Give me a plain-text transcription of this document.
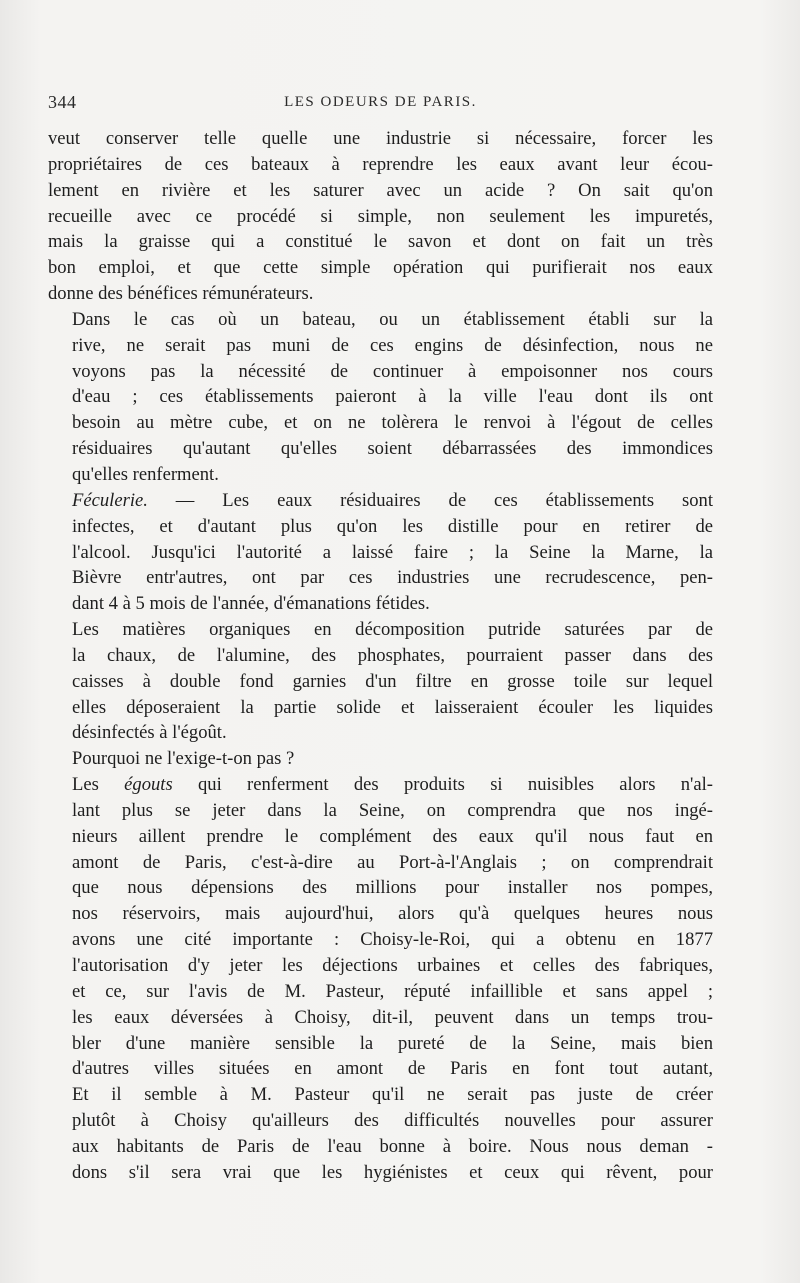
344	LES ODEURS DE PARIS.

veut conserver telle quelle une industrie si nécessaire, forcer les
propriétaires de ces bateaux à reprendre les eaux avant leur écou-
lement en rivière et les saturer avec un acide ? On sait qu'on
recueille avec ce procédé si simple, non seulement les impuretés,
mais la graisse qui a constitué le savon et dont on fait un très
bon emploi, et que cette simple opération qui purifierait nos eaux
donne des bénéfices rémunérateurs.

Dans le cas où un bateau, ou un établissement établi sur la
rive, ne serait pas muni de ces engins de désinfection, nous ne
voyons pas la nécessité de continuer à empoisonner nos cours
d'eau ; ces établissements paieront à la ville l'eau dont ils ont
besoin au mètre cube, et on ne tolèrera le renvoi à l'égout de celles
résiduaires qu'autant qu'elles soient débarrassées des immondices
qu'elles renferment.

Féculerie. — Les eaux résiduaires de ces établissements sont
infectes, et d'autant plus qu'on les distille pour en retirer de
l'alcool. Jusqu'ici l'autorité a laissé faire ; la Seine la Marne, la
Bièvre entr'autres, ont par ces industries une recrudescence, pen-
dant 4 à 5 mois de l'année, d'émanations fétides.

Les matières organiques en décomposition putride saturées par de
la chaux, de l'alumine, des phosphates, pourraient passer dans des
caisses à double fond garnies d'un filtre en grosse toile sur lequel
elles déposeraient la partie solide et laisseraient écouler les liquides
désinfectés à l'égoût.

Pourquoi ne l'exige-t-on pas ?

Les égouts qui renferment des produits si nuisibles alors n'al-
lant plus se jeter dans la Seine, on comprendra que nos ingé-
nieurs aillent prendre le complément des eaux qu'il nous faut en
amont de Paris, c'est-à-dire au Port-à-l'Anglais ; on comprendrait
que nous dépensions des millions pour installer nos pompes,
nos réservoirs, mais aujourd'hui, alors qu'à quelques heures nous
avons une cité importante : Choisy-le-Roi, qui a obtenu en 1877
l'autorisation d'y jeter les déjections urbaines et celles des fabriques,
et ce, sur l'avis de M. Pasteur, réputé infaillible et sans appel ;
les eaux déversées à Choisy, dit-il, peuvent dans un temps trou-
bler d'une manière sensible la pureté de la Seine, mais bien
d'autres villes situées en amont de Paris en font tout autant,
Et il semble à M. Pasteur qu'il ne serait pas juste de créer
plutôt à Choisy qu'ailleurs des difficultés nouvelles pour assurer
aux habitants de Paris de l'eau bonne à boire. Nous nous deman -
dons s'il sera vrai que les hygiénistes et ceux qui rêvent, pour
